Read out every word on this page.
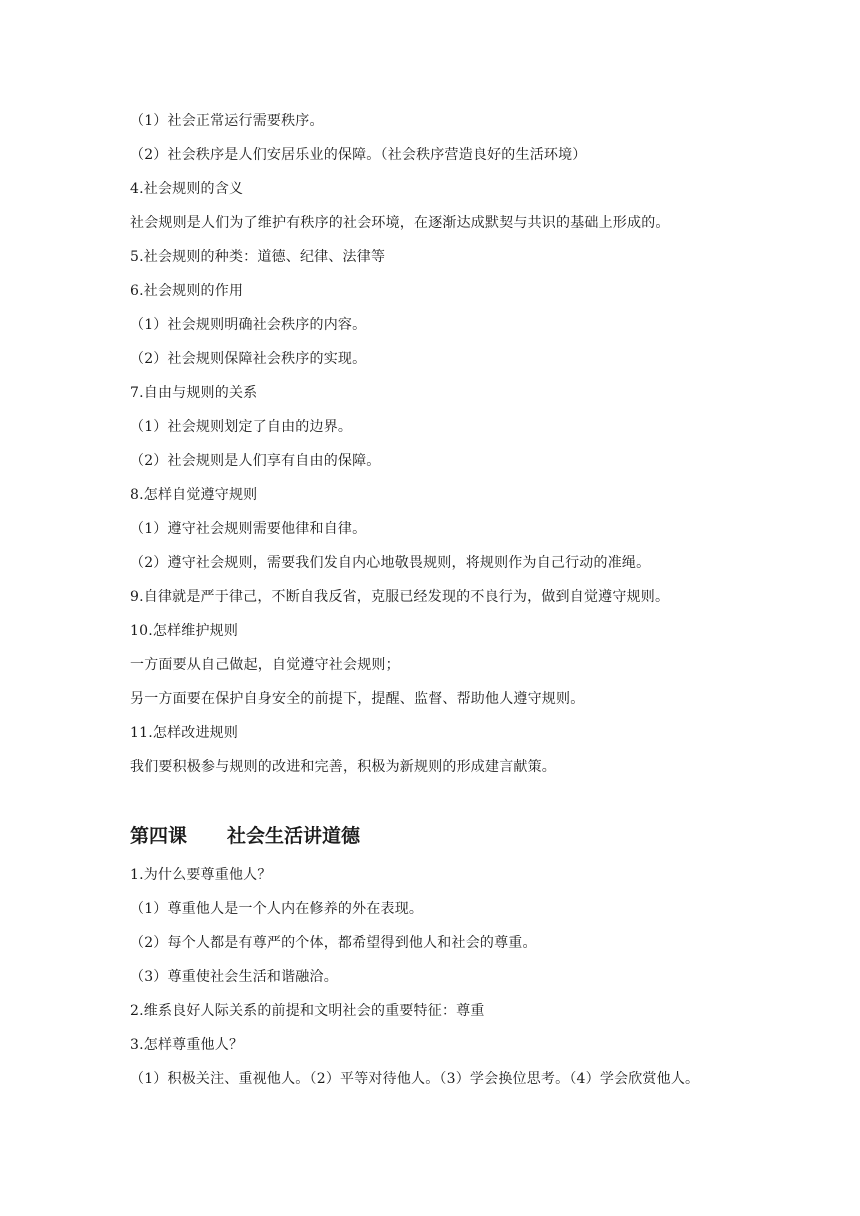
（1）社会正常运行需要秩序。
（2）社会秩序是人们安居乐业的保障。（社会秩序营造良好的生活环境）
4.社会规则的含义
社会规则是人们为了维护有秩序的社会环境，在逐渐达成默契与共识的基础上形成的。
5.社会规则的种类：道德、纪律、法律等
6.社会规则的作用
（1）社会规则明确社会秩序的内容。
（2）社会规则保障社会秩序的实现。
7.自由与规则的关系
（1）社会规则划定了自由的边界。
（2）社会规则是人们享有自由的保障。
8.怎样自觉遵守规则
（1）遵守社会规则需要他律和自律。
（2）遵守社会规则，需要我们发自内心地敬畏规则，将规则作为自己行动的准绳。
9.自律就是严于律己，不断自我反省，克服已经发现的不良行为，做到自觉遵守规则。
10.怎样维护规则
一方面要从自己做起，自觉遵守社会规则；
另一方面要在保护自身安全的前提下，提醒、监督、帮助他人遵守规则。
11.怎样改进规则
我们要积极参与规则的改进和完善，积极为新规则的形成建言献策。
第四课 社会生活讲道德
1.为什么要尊重他人？
（1）尊重他人是一个人内在修养的外在表现。
（2）每个人都是有尊严的个体，都希望得到他人和社会的尊重。
（3）尊重使社会生活和谐融洽。
2.维系良好人际关系的前提和文明社会的重要特征：尊重
3.怎样尊重他人？
（1）积极关注、重视他人。（2）平等对待他人。（3）学会换位思考。（4）学会欣赏他人。
